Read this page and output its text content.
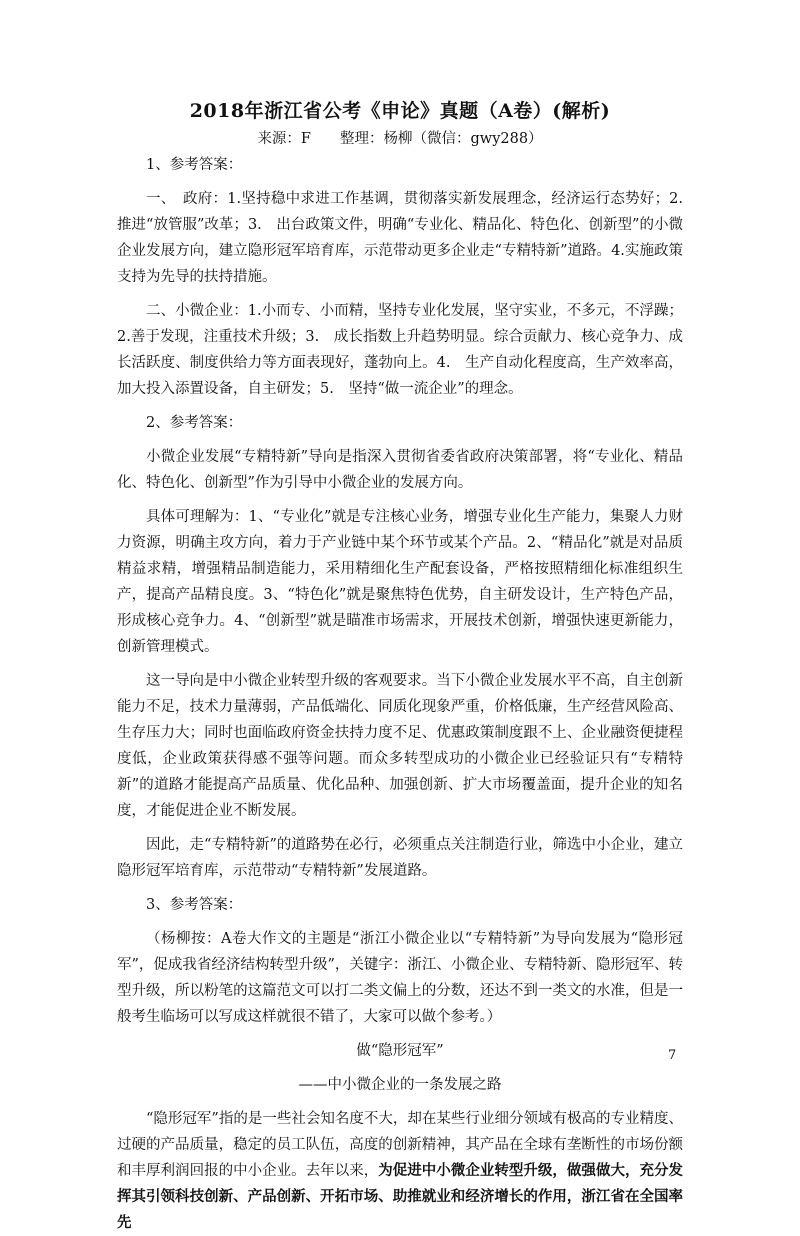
2018年浙江省公考《申论》真题（A卷）(解析)
来源：F　　整理：杨柳（微信：gwy288）

1、参考答案：

一、　政府：1.坚持稳中求进工作基调，贯彻落实新发展理念，经济运行态势好；2.　推进“放管服”改革；3.　出台政策文件，明确“专业化、精品化、特色化、创新型”的小微企业发展方向，建立隐形冠军培育库，示范带动更多企业走“专精特新”道路。4.实施政策支持为先导的扶持措施。

二、小微企业：1.小而专、小而精，坚持专业化发展，坚守实业，不多元，不浮躁；2.善于发现，注重技术升级；3.　成长指数上升趋势明显。综合贡献力、核心竞争力、成长活跃度、制度供给力等方面表现好，蓬勃向上。4.　生产自动化程度高，生产效率高，加大投入添置设备，自主研发；5.　坚持“做一流企业”的理念。

2、参考答案：

小微企业发展“专精特新”导向是指深入贯彻省委省政府决策部署，将“专业化、精品化、特色化、创新型”作为引导中小微企业的发展方向。

具体可理解为：1、“专业化”就是专注核心业务，增强专业化生产能力，集聚人力财力资源，明确主攻方向，着力于产业链中某个环节或某个产品。2、“精品化”就是对品质精益求精，增强精品制造能力，采用精细化生产配套设备，严格按照精细化标准组织生产，提高产品精良度。3、“特色化”就是聚焦特色优势，自主研发设计，生产特色产品，形成核心竞争力。4、“创新型”就是瞄准市场需求，开展技术创新，增强快速更新能力，创新管理模式。

这一导向是中小微企业转型升级的客观要求。当下小微企业发展水平不高，自主创新能力不足，技术力量薄弱，产品低端化、同质化现象严重，价格低廉，生产经营风险高、生存压力大；同时也面临政府资金扶持力度不足、优惠政策制度跟不上、企业融资便捷程度低，企业政策获得感不强等问题。而众多转型成功的小微企业已经验证只有“专精特新”的道路才能提高产品质量、优化品种、加强创新、扩大市场覆盖面，提升企业的知名度，才能促进企业不断发展。

因此，走“专精特新”的道路势在必行，必须重点关注制造行业，筛选中小企业，建立隐形冠军培育库，示范带动“专精特新”发展道路。

3、参考答案：

（杨柳按：A卷大作文的主题是“浙江小微企业以“专精特新”为导向发展为“隐形冠军”，促成我省经济结构转型升级”，关键字：浙江、小微企业、专精特新、隐形冠军、转型升级，所以粉笔的这篇范文可以打二类文偏上的分数，还达不到一类文的水准，但是一般考生临场可以写成这样就很不错了，大家可以做个参考。）

做“隐形冠军”

——中小微企业的一条发展之路

“隐形冠军”指的是一些社会知名度不大，却在某些行业细分领域有极高的专业精度、过硬的产品质量，稳定的员工队伍，高度的创新精神，其产品在全球有垄断性的市场份额和丰厚利润回报的中小企业。去年以来，为促进中小微企业转型升级，做强做大，充分发挥其引领科技创新、产品创新、开拓市场、助推就业和经济增长的作用，浙江省在全国率先

7
